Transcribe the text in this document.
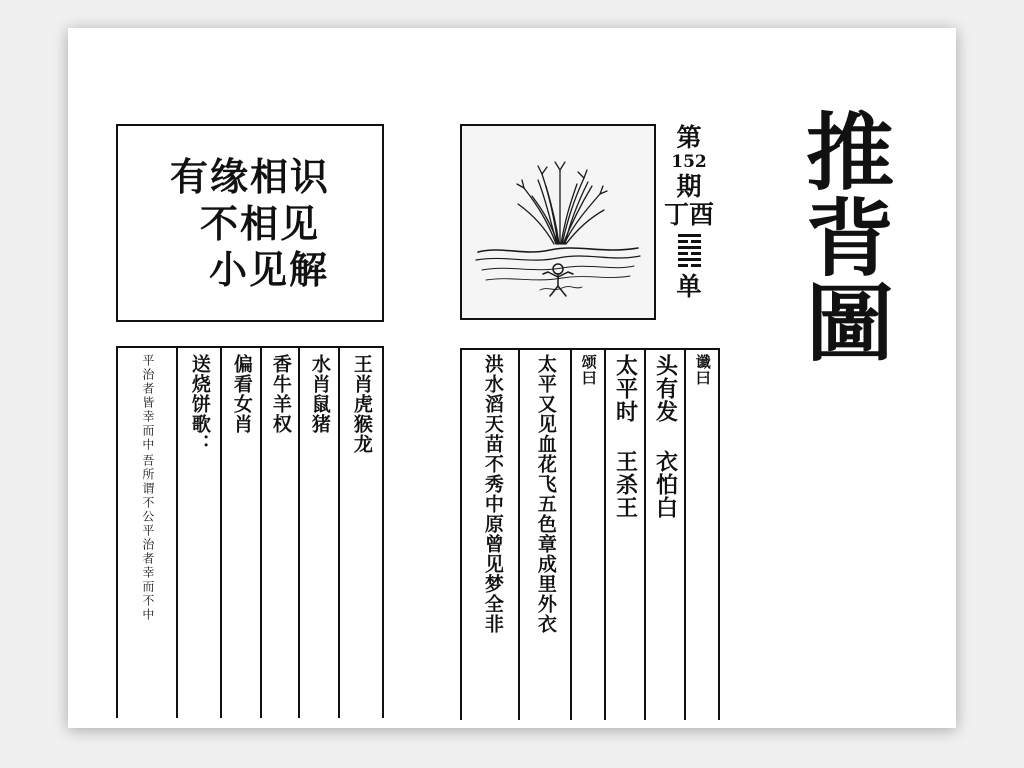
有缘相识
不相见
小见解
王肖虎猴龙
水肖鼠猪
香牛羊权
偏看女肖
送烧饼歌：
平治者皆幸而中
吾所谓不公平治者幸而不中
第
152
期
丁酉
单
谶曰
头有发 衣怕白
太平时 王杀王
颂曰
太平又见血花飞五色章成里外衣
洪水滔天苗不秀中原曾见梦全非
推
背
圖
